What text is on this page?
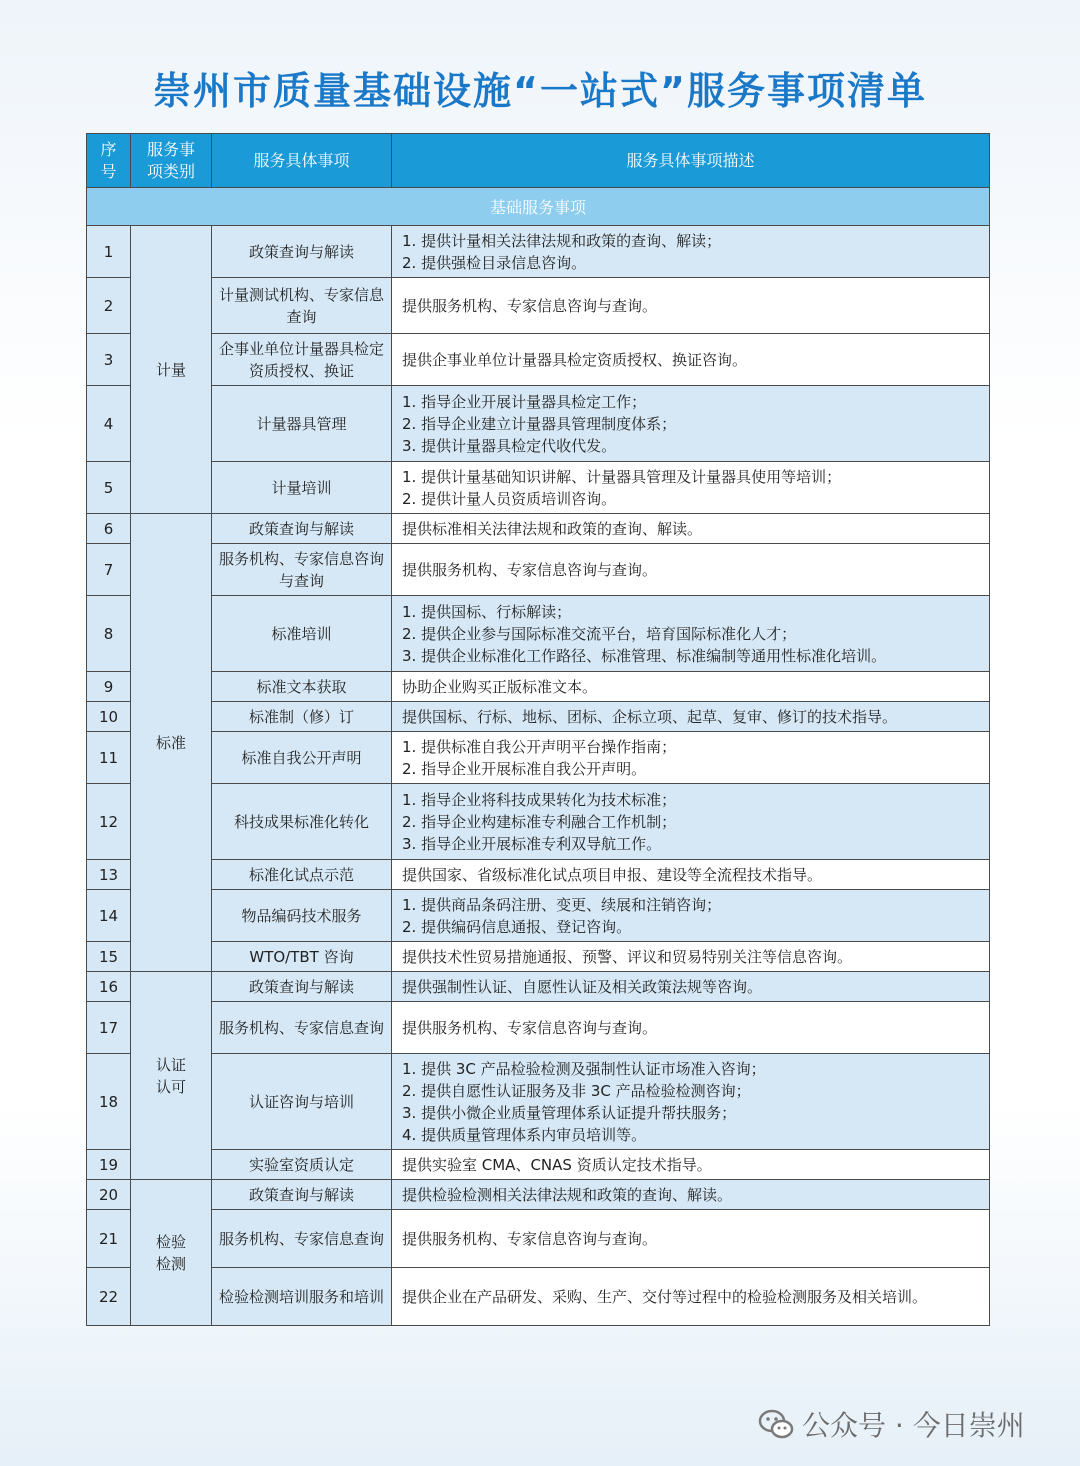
崇州市质量基础设施“一站式”服务事项清单
序号	服务事项类别	服务具体事项	服务具体事项描述
基础服务事项			
1	计量	政策查询与解读	1. 提供计量相关法律法规和政策的查询、解读；
2. 提供强检目录信息咨询。

2		计量测试机构、专家信息查询	提供服务机构、专家信息咨询与查询。

3		企事业单位计量器具检定资质授权、换证	提供企事业单位计量器具检定资质授权、换证咨询。

4		计量器具管理	1. 指导企业开展计量器具检定工作；
2. 指导企业建立计量器具管理制度体系；
3. 提供计量器具检定代收代发。

5		计量培训	1. 提供计量基础知识讲解、计量器具管理及计量器具使用等培训；
2. 提供计量人员资质培训咨询。

6	标准	政策查询与解读	提供标准相关法律法规和政策的查询、解读。

7		服务机构、专家信息咨询与查询	提供服务机构、专家信息咨询与查询。

8		标准培训	1. 提供国标、行标解读；
2. 提供企业参与国际标准交流平台，培育国际标准化人才；
3. 提供企业标准化工作路径、标准管理、标准编制等通用性标准化培训。

9		标准文本获取	协助企业购买正版标准文本。

10		标准制（修）订	提供国标、行标、地标、团标、企标立项、起草、复审、修订的技术指导。

11		标准自我公开声明	1. 提供标准自我公开声明平台操作指南；
2. 指导企业开展标准自我公开声明。

12		科技成果标准化转化	1. 指导企业将科技成果转化为技术标准；
2. 指导企业构建标准专利融合工作机制；
3. 指导企业开展标准专利双导航工作。

13		标准化试点示范	提供国家、省级标准化试点项目申报、建设等全流程技术指导。

14		物品编码技术服务	1. 提供商品条码注册、变更、续展和注销咨询；
2. 提供编码信息通报、登记咨询。

15		WTO/TBT 咨询	提供技术性贸易措施通报、预警、评议和贸易特别关注等信息咨询。

16	认证认可	政策查询与解读	提供强制性认证、自愿性认证及相关政策法规等咨询。

17		服务机构、专家信息查询	提供服务机构、专家信息咨询与查询。

18		认证咨询与培训	1. 提供 3C 产品检验检测及强制性认证市场准入咨询；
2. 提供自愿性认证服务及非 3C 产品检验检测咨询；
3. 提供小微企业质量管理体系认证提升帮扶服务；
4. 提供质量管理体系内审员培训等。

19		实验室资质认定	提供实验室 CMA、CNAS 资质认定技术指导。

20	检验检测	政策查询与解读	提供检验检测相关法律法规和政策的查询、解读。

21		服务机构、专家信息查询	提供服务机构、专家信息咨询与查询。

22		检验检测培训服务和培训	提供企业在产品研发、采购、生产、交付等过程中的检验检测服务及相关培训。
公众号 · 今日崇州
